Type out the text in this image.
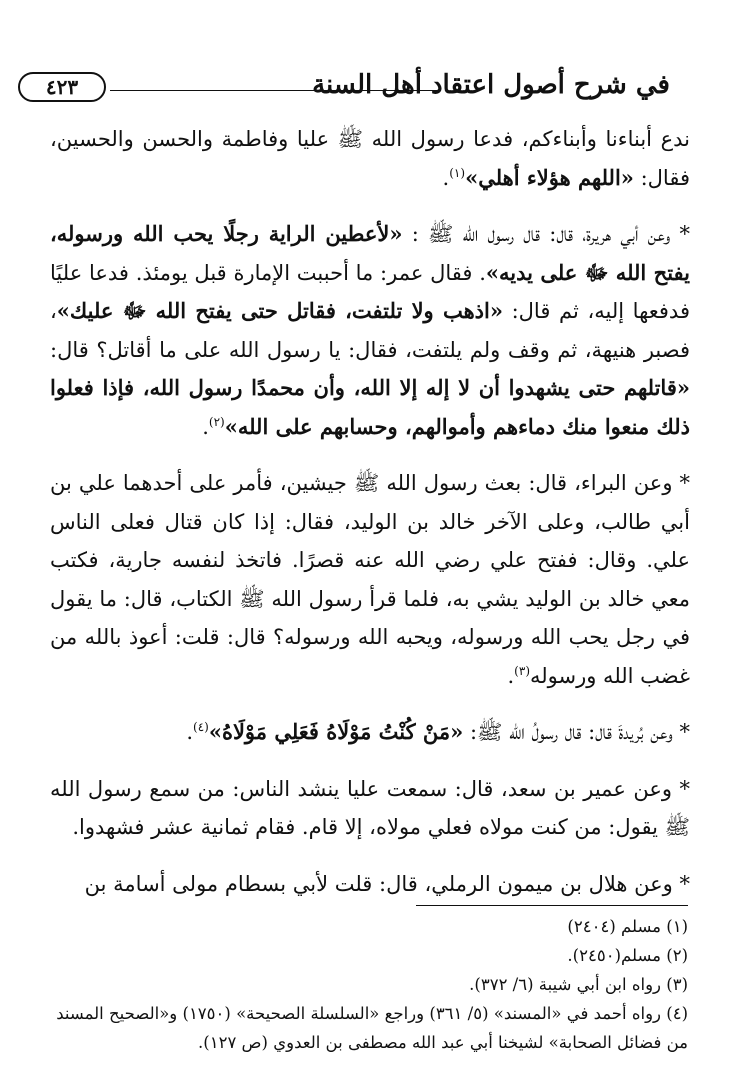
في شرح أصول اعتقاد أهل السنة
٤٢٣

ندع أبناءنا وأبناءكم، فدعا رسول الله ﷺ عليا وفاطمة والحسن والحسين، فقال: «اللهم هؤلاء أهلي»$^{(١)}$.

* وعن أبي هريرة، قال: قال رسول الله ﷺ : «لأعطين الراية رجلًا يحب الله ورسوله، يفتح الله ﷻ على يديه». فقال عمر: ما أحببت الإمارة قبل يومئذ. فدعا عليًا فدفعها إليه، ثم قال: «اذهب ولا تلتفت، فقاتل حتى يفتح الله ﷻ عليك»، فصبر هنيهة، ثم وقف ولم يلتفت، فقال: يا رسول الله على ما أقاتل؟ قال: «قاتلهم حتى يشهدوا أن لا إله إلا الله، وأن محمدًا رسول الله، فإذا فعلوا ذلك منعوا منك دماءهم وأموالهم، وحسابهم على الله»$^{(٢)}$.

* وعن البراء، قال: بعث رسول الله ﷺ جيشين، فأمر على أحدهما علي بن أبي طالب، وعلى الآخر خالد بن الوليد، فقال: إذا كان قتال فعلى الناس علي. وقال: ففتح علي رضي الله عنه قصرًا. فاتخذ لنفسه جارية، فكتب معي خالد بن الوليد يشي به، فلما قرأ رسول الله ﷺ الكتاب، قال: ما يقول في رجل يحب الله ورسوله، ويحبه الله ورسوله؟ قال: قلت: أعوذ بالله من غضب الله ورسوله$^{(٣)}$.

* وعن بُريدةَ قال: قال رسولُ الله ﷺ: «مَنْ كُنْتُ مَوْلَاهُ فَعَلِي مَوْلَاهُ»$^{(٤)}$.

* وعن عمير بن سعد، قال: سمعت عليا ينشد الناس: من سمع رسول الله ﷺ يقول: من كنت مولاه فعلي مولاه، إلا قام. فقام ثمانية عشر فشهدوا.

* وعن هلال بن ميمون الرملي، قال: قلت لأبي بسطام مولى أسامة بن

(١) مسلم (٢٤٠٤)

(٢) مسلم(٢٤٥٠).

(٣) رواه ابن أبي شيبة (٦/ ٣٧٢).

(٤) رواه أحمد في «المسند» (٥/ ٣٦١) وراجع «السلسلة الصحيحة» (١٧٥٠) و«الصحيح المسند من فضائل الصحابة» لشيخنا أبي عبد الله مصطفى بن العدوي (ص ١٢٧).
